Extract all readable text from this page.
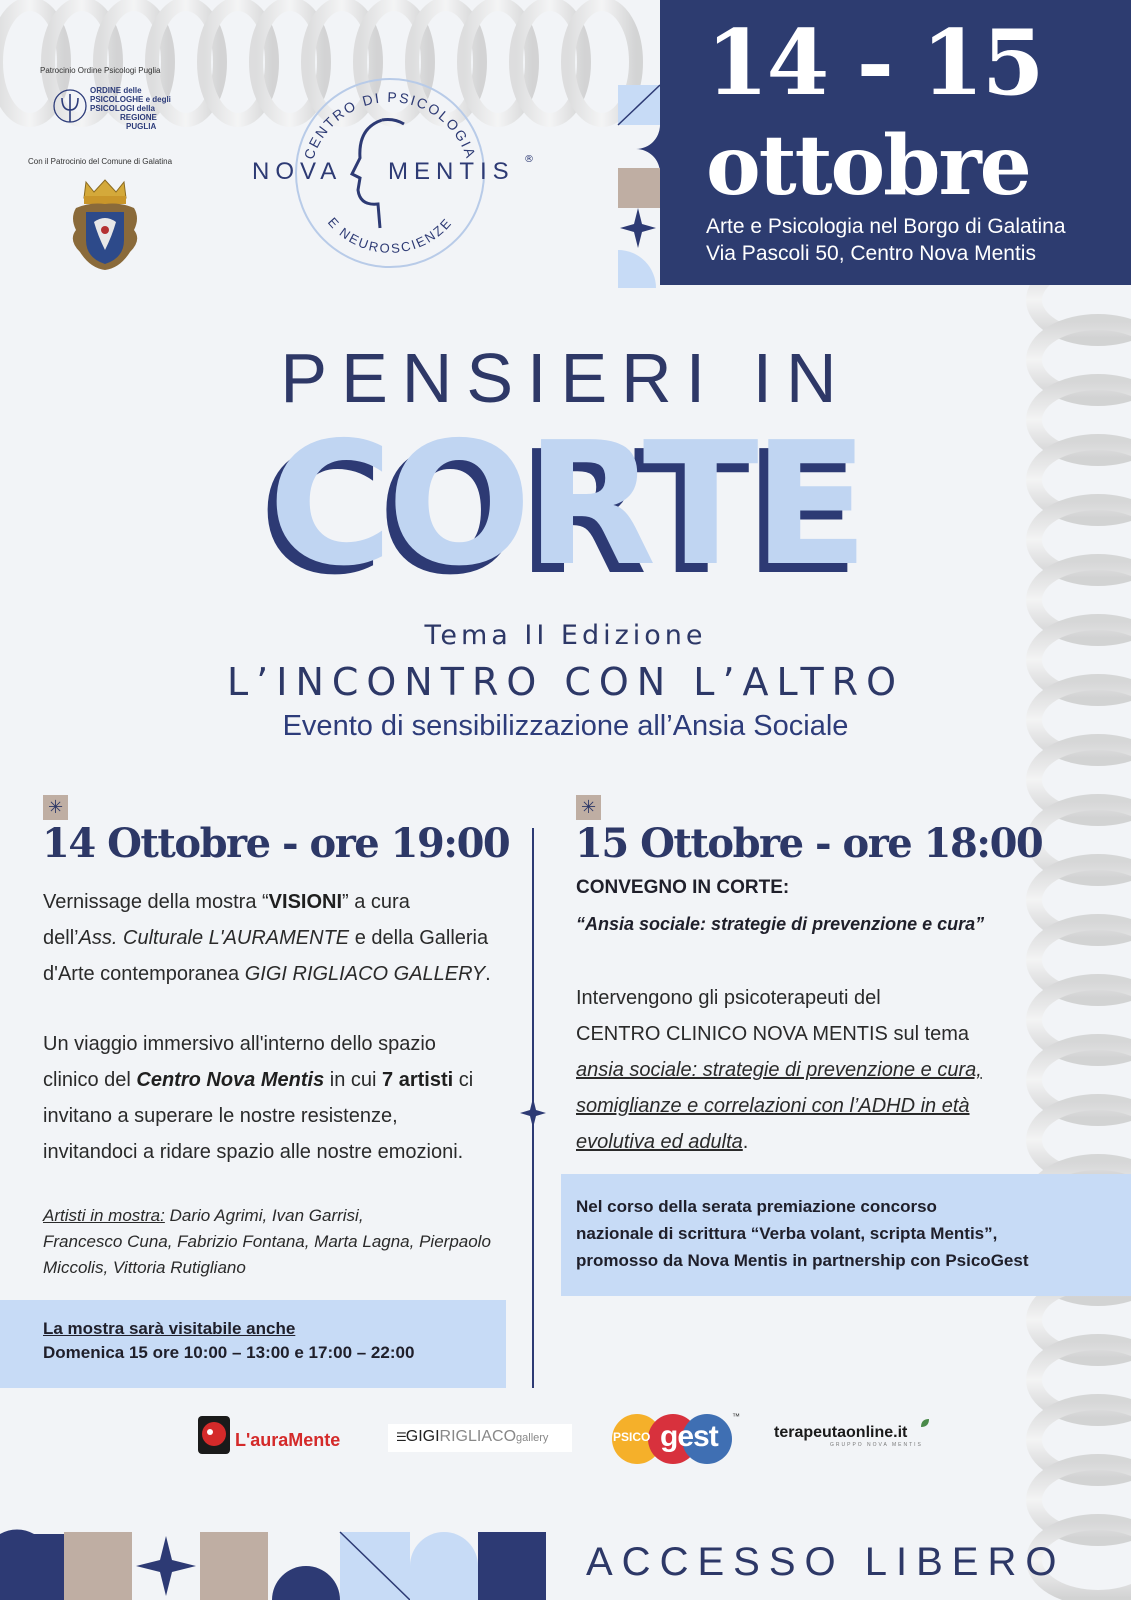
Patrocinio Ordine Psicologi Puglia
ORDINE delle
PSICOLOGHE e degli
PSICOLOGI della
REGIONE
PUGLIA
Con il Patrocinio del Comune di Galatina
CENTRO DI PSICOLOGIA
E NEUROSCIENZE
NOVA MENTIS ®
14 - 15
ottobre
Arte e Psicologia nel Borgo di Galatina
Via Pascoli 50, Centro Nova Mentis
PENSIERI IN
CORTE
Tema II Edizione
L’INCONTRO CON L’ALTRO
Evento di sensibilizzazione all’Ansia Sociale
✳
14 Ottobre - ore 19:00
Vernissage della mostra “VISIONI” a cura
dell’Ass. Culturale L'AURAMENTE e della Galleria
d'Arte contemporanea GIGI RIGLIACO GALLERY.
Un viaggio immersivo all'interno dello spazio
clinico del Centro Nova Mentis in cui 7 artisti ci
invitano a superare le nostre resistenze,
invitandoci a ridare spazio alle nostre emozioni.
Artisti in mostra: Dario Agrimi, Ivan Garrisi,
Francesco Cuna, Fabrizio Fontana, Marta Lagna, Pierpaolo
Miccolis, Vittoria Rutigliano
La mostra sarà visitabile anche
Domenica 15 ore 10:00 – 13:00 e 17:00 – 22:00
✳
15 Ottobre - ore 18:00
CONVEGNO IN CORTE:
“Ansia sociale: strategie di prevenzione e cura”
Intervengono gli psicoterapeuti del
CENTRO CLINICO NOVA MENTIS sul tema
ansia sociale: strategie di prevenzione e cura,
somiglianze e correlazioni con l’ADHD in età
evolutiva ed adulta.
Nel corso della serata premiazione concorso
nazionale di scrittura “Verba volant, scripta Mentis”,
promosso da Nova Mentis in partnership con PsicoGest
L'auraMente	☰GIGIRIGLIACOgallery	PSICO gest
™
terapeutaonline.it
GRUPPO NOVA MENTIS
ACCESSO LIBERO
